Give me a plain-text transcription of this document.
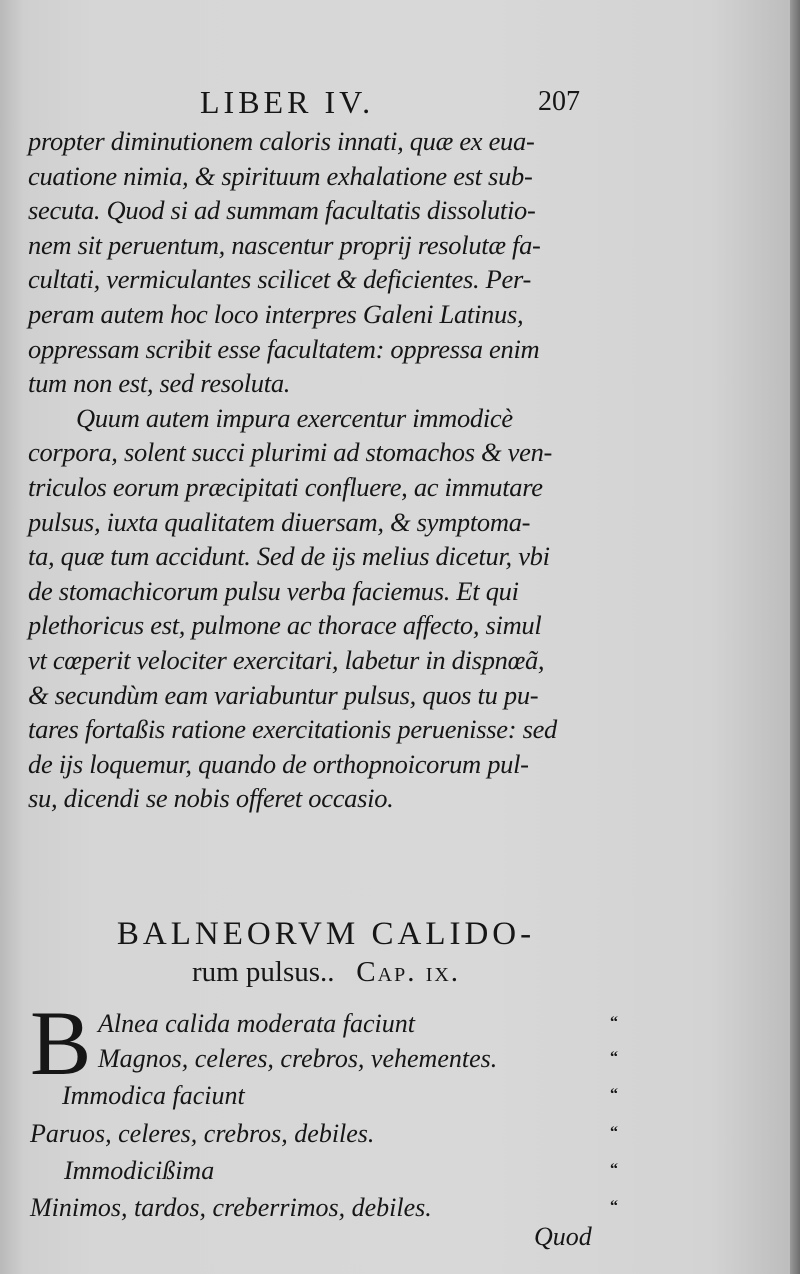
LIBER IV.	207

propter diminutionem caloris innati, quæ ex eua-
cuatione nimia, & spirituum exhalatione est sub-
secuta. Quod si ad summam facultatis dissolutio-
nem sit peruentum, nascentur proprij resolutæ fa-
cultati, vermiculantes scilicet & deficientes. Per-
peram autem hoc loco interpres Galeni Latinus,
oppressam scribit esse facultatem: oppressa enim
tum non est, sed resoluta.
Quum autem impura exercentur immodicè
corpora, solent succi plurimi ad stomachos & ven-
triculos eorum præcipitati confluere, ac immutare
pulsus, iuxta qualitatem diuersam, & symptoma-
ta, quæ tum accidunt. Sed de ijs melius dicetur, vbi
de stomachicorum pulsu verba faciemus. Et qui
plethoricus est, pulmone ac thorace affecto, simul
vt cœperit velociter exercitari, labetur in dispnœã,
& secundùm eam variabuntur pulsus, quos tu pu-
tares fortaßis ratione exercitationis peruenisse: sed
de ijs loquemur, quando de orthopnoicorum pul-
su, dicendi se nobis offeret occasio.

BALNEORVM CALIDO-
rum pulsus.. Cap. ix.
B Alnea calida moderata faciunt
Magnos, celeres, crebros, vehementes.
Immodica faciunt
Paruos, celeres, crebros, debiles.
Immodicißima
Minimos, tardos, creberrimos, debiles.
“
“
“
“
“
“
Quod
